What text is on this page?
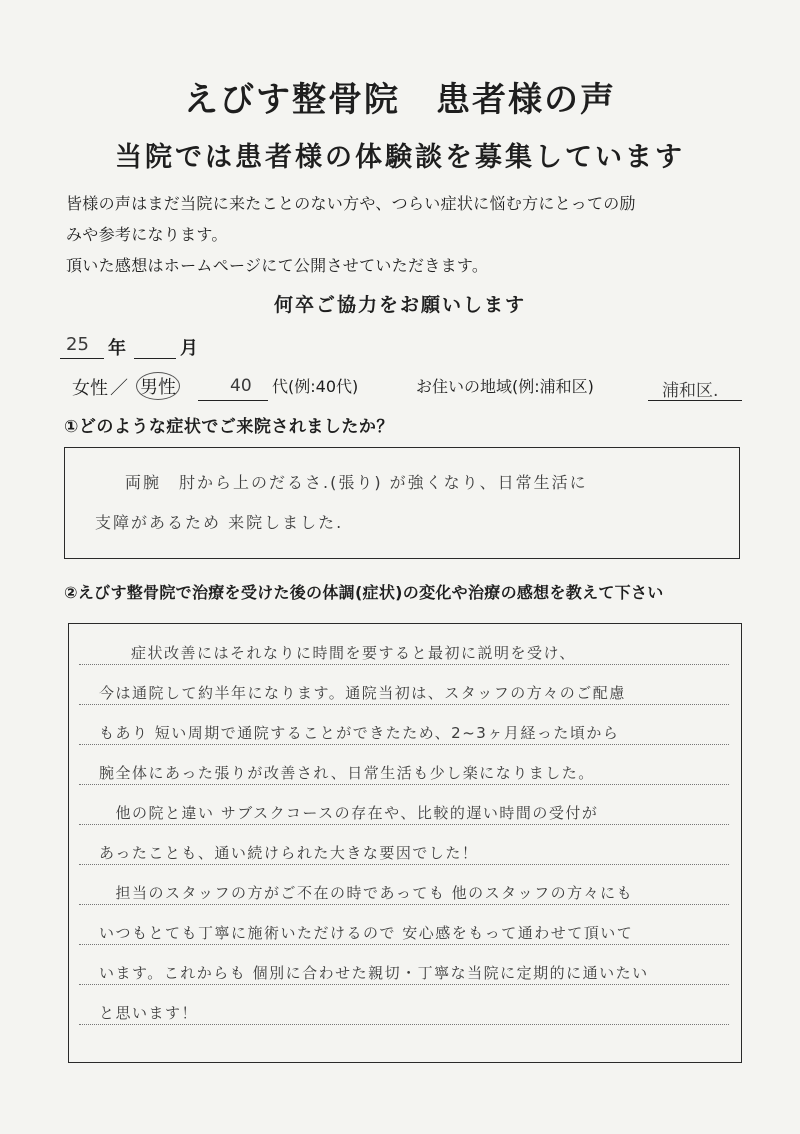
えびす整骨院　患者様の声
当院では患者様の体験談を募集しています

皆様の声はまだ当院に来たことのない方や、つらい症状に悩む方にとっての励

みや参考になります。

頂いた感想はホームページにて公開させていただきます。

何卒ご協力をお願いします
25 年	月
女性 ／ 男性	40 代(例:40代)	お住いの地域(例:浦和区)	浦和区.
①どのような症状でご来院されましたか？
両腕　肘から上のだるさ.(張り) が強くなり、日常生活に
支障があるため 来院しました.
②えびす整骨院で治療を受けた後の体調(症状)の変化や治療の感想を教えて下さい
症状改善にはそれなりに時間を要すると最初に説明を受け、
今は通院して約半年になります。通院当初は、スタッフの方々のご配慮
もあり 短い周期で通院することができたため、2~3ヶ月経った頃から
腕全体にあった張りが改善され、日常生活も少し楽になりました。
　他の院と違い サブスクコースの存在や、比較的遅い時間の受付が
あったことも、通い続けられた大きな要因でした！
　担当のスタッフの方がご不在の時であっても 他のスタッフの方々にも
いつもとても丁寧に施術いただけるので 安心感をもって通わせて頂いて
います。これからも 個別に合わせた親切・丁寧な当院に定期的に通いたい
と思います！
